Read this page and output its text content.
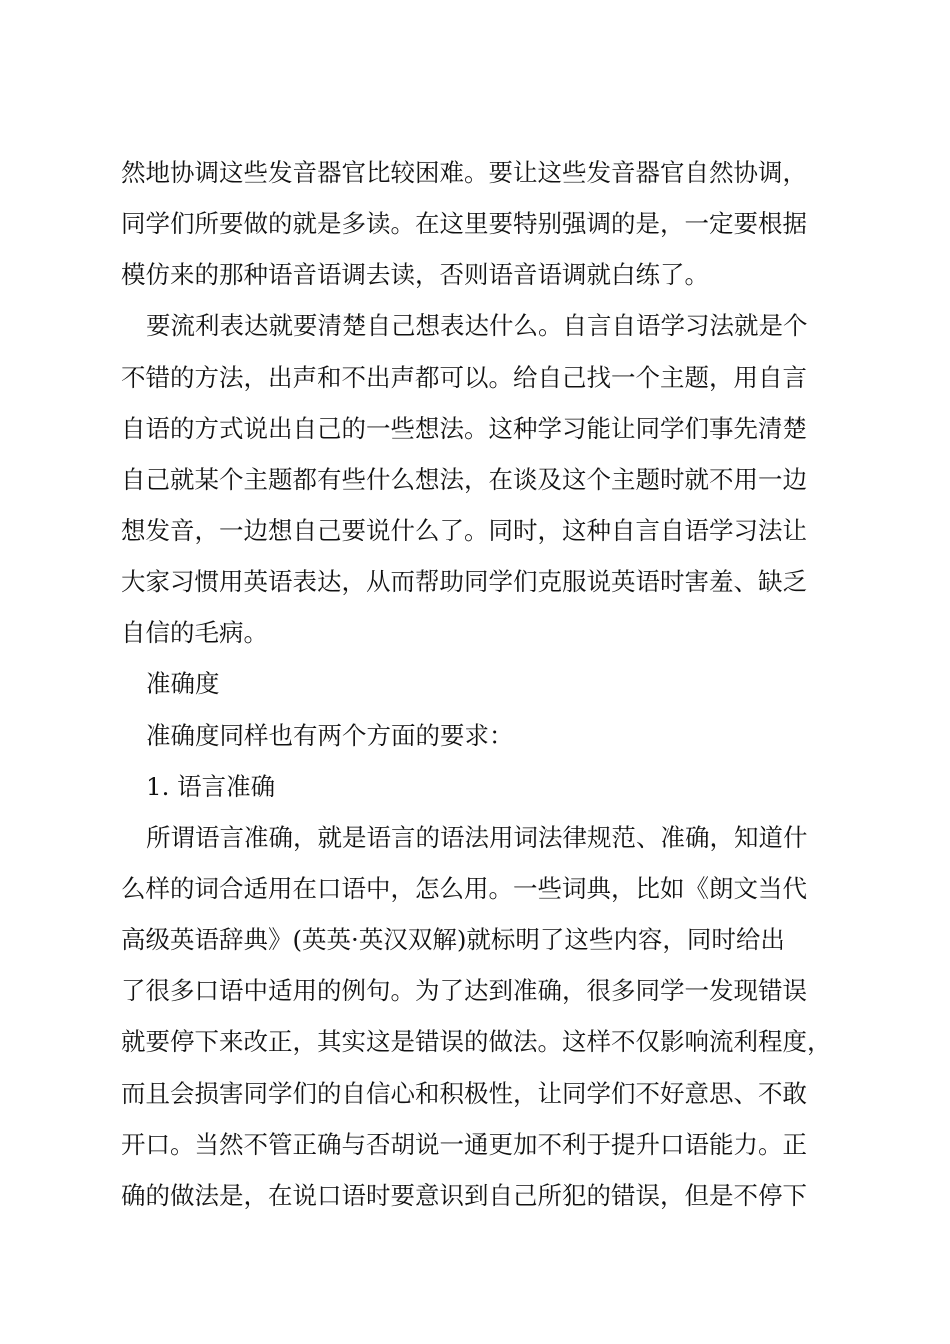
然地协调这些发音器官比较困难。要让这些发音器官自然协调，
同学们所要做的就是多读。在这里要特别强调的是，一定要根据
模仿来的那种语音语调去读，否则语音语调就白练了。
要流利表达就要清楚自己想表达什么。自言自语学习法就是个
不错的方法，出声和不出声都可以。给自己找一个主题，用自言
自语的方式说出自己的一些想法。这种学习能让同学们事先清楚
自己就某个主题都有些什么想法，在谈及这个主题时就不用一边
想发音，一边想自己要说什么了。同时，这种自言自语学习法让
大家习惯用英语表达，从而帮助同学们克服说英语时害羞、缺乏
自信的毛病。
准确度
准确度同样也有两个方面的要求：
1. 语言准确
所谓语言准确，就是语言的语法用词法律规范、准确，知道什
么样的词合适用在口语中，怎么用。一些词典，比如《朗文当代
高级英语辞典》(英英·英汉双解)就标明了这些内容，同时给出
了很多口语中适用的例句。为了达到准确，很多同学一发现错误
就要停下来改正，其实这是错误的做法。这样不仅影响流利程度，
而且会损害同学们的自信心和积极性，让同学们不好意思、不敢
开口。当然不管正确与否胡说一通更加不利于提升口语能力。正
确的做法是，在说口语时要意识到自己所犯的错误，但是不停下
